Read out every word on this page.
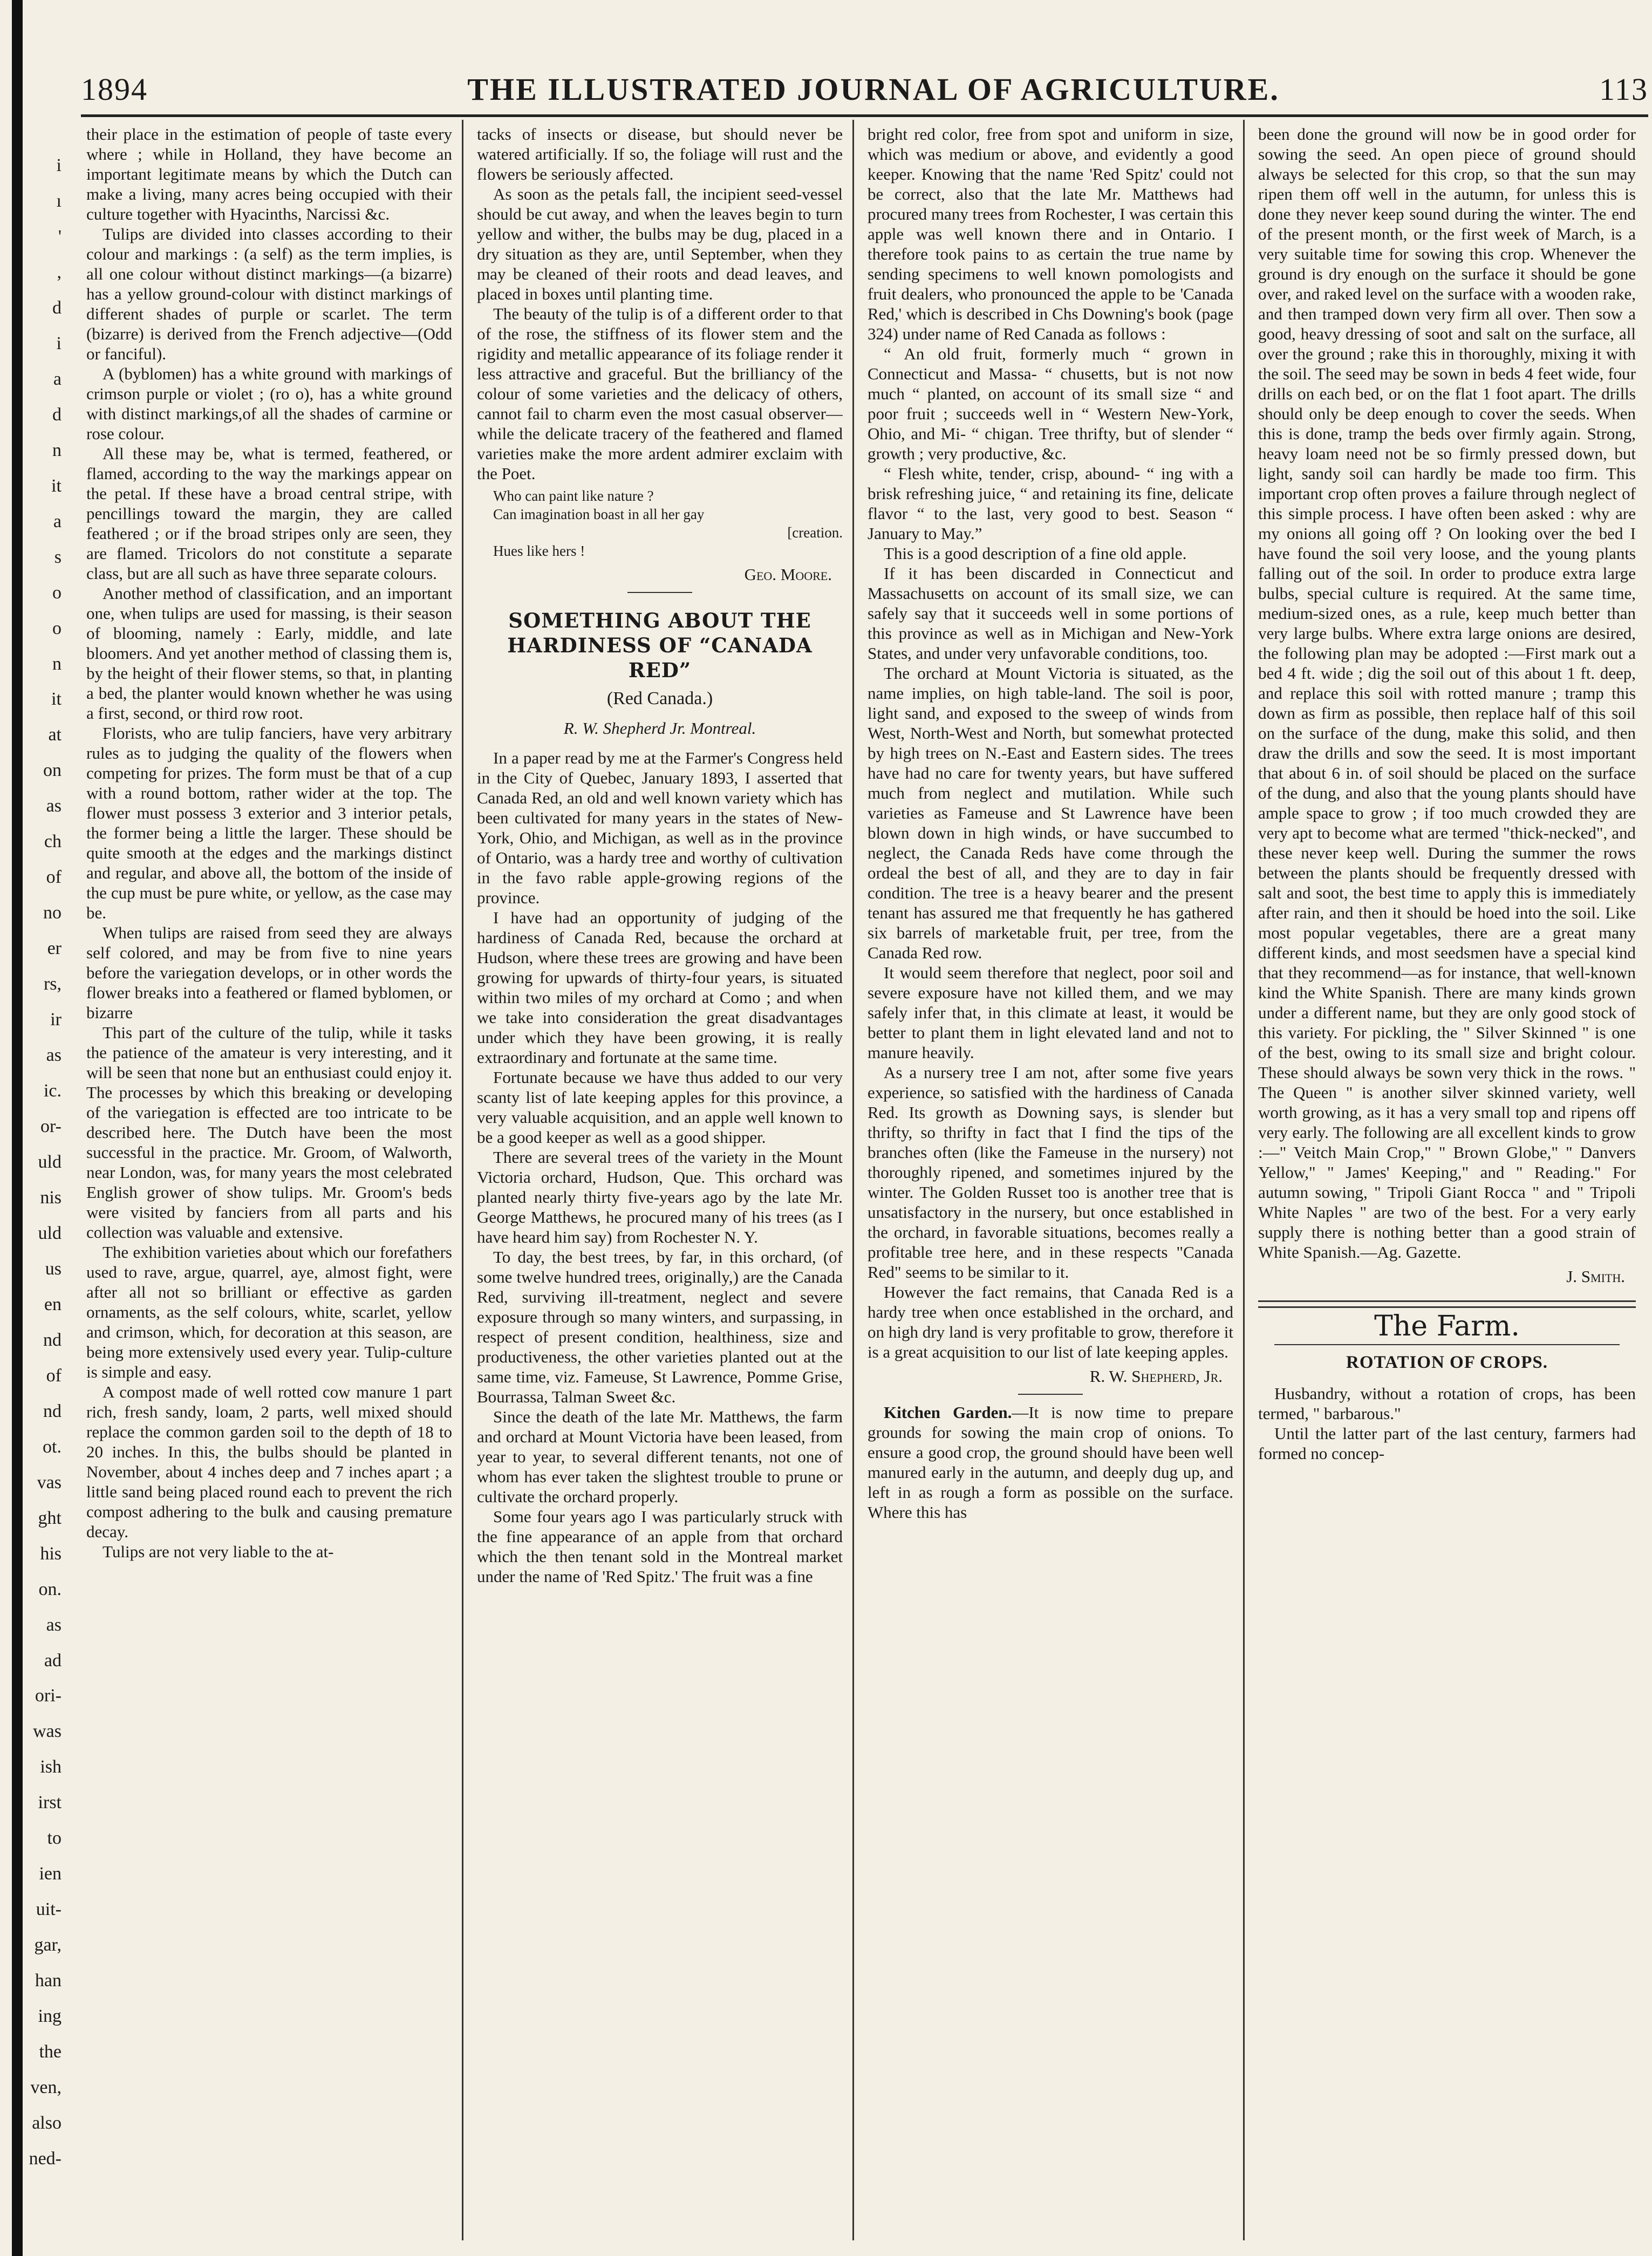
i
ı
'
,
d
i
a
d
n
it
a
s
o
o
n
it
at
on
as
ch
of
no
er
rs,
ir
as
ic.
or-
uld
nis
uld
us
en
nd
of
nd
ot.
vas
ght
his
on.
as
ad
ori-
was
ish
irst
to
ien
uit-
gar,
han
ing
the
ven,
also
ned-
1894	THE ILLUSTRATED JOURNAL OF AGRICULTURE.	113

their place in the estimation of people of taste every where ; while in Holland, they have become an important legitimate means by which the Dutch can make a living, many acres being occupied with their culture together with Hyacinths, Narcissi &c.

Tulips are divided into classes according to their colour and markings : (a self) as the term implies, is all one colour without distinct markings—(a bizarre) has a yellow ground-colour with distinct markings of different shades of purple or scarlet. The term (bizarre) is derived from the French adjective—(Odd or fanciful).

A (byblomen) has a white ground with markings of crimson purple or violet ; (ro o), has a white ground with distinct markings,of all the shades of carmine or rose colour.

All these may be, what is termed, feathered, or flamed, according to the way the markings appear on the petal. If these have a broad central stripe, with pencillings toward the margin, they are called feathered ; or if the broad stripes only are seen, they are flamed. Tricolors do not constitute a separate class, but are all such as have three separate colours.

Another method of classification, and an important one, when tulips are used for massing, is their season of blooming, namely : Early, middle, and late bloomers. And yet another method of classing them is, by the height of their flower stems, so that, in planting a bed, the planter would known whether he was using a first, second, or third row root.

Florists, who are tulip fanciers, have very arbitrary rules as to judging the quality of the flowers when competing for prizes. The form must be that of a cup with a round bottom, rather wider at the top. The flower must possess 3 exterior and 3 interior petals, the former being a little the larger. These should be quite smooth at the edges and the markings distinct and regular, and above all, the bottom of the inside of the cup must be pure white, or yellow, as the case may be.

When tulips are raised from seed they are always self colored, and may be from five to nine years before the variegation develops, or in other words the flower breaks into a feathered or flamed byblomen, or bizarre

This part of the culture of the tulip, while it tasks the patience of the amateur is very interesting, and it will be seen that none but an enthusiast could enjoy it. The processes by which this breaking or developing of the variegation is effected are too intricate to be described here. The Dutch have been the most successful in the practice. Mr. Groom, of Walworth, near London, was, for many years the most celebrated English grower of show tulips. Mr. Groom's beds were visited by fanciers from all parts and his collection was valuable and extensive.

The exhibition varieties about which our forefathers used to rave, argue, quarrel, aye, almost fight, were after all not so brilliant or effective as garden ornaments, as the self colours, white, scarlet, yellow and crimson, which, for decoration at this season, are being more extensively used every year. Tulip-culture is simple and easy.

A compost made of well rotted cow manure 1 part rich, fresh sandy, loam, 2 parts, well mixed should replace the common garden soil to the depth of 18 to 20 inches. In this, the bulbs should be planted in November, about 4 inches deep and 7 inches apart ; a little sand being placed round each to prevent the rich compost adhering to the bulk and causing premature decay.

Tulips are not very liable to the at-

tacks of insects or disease, but should never be watered artificially. If so, the foliage will rust and the flowers be seriously affected.

As soon as the petals fall, the incipient seed-vessel should be cut away, and when the leaves begin to turn yellow and wither, the bulbs may be dug, placed in a dry situation as they are, until September, when they may be cleaned of their roots and dead leaves, and placed in boxes until planting time.

The beauty of the tulip is of a different order to that of the rose, the stiffness of its flower stem and the rigidity and metallic appearance of its foliage render it less attractive and graceful. But the brilliancy of the colour of some varieties and the delicacy of others, cannot fail to charm even the most casual observer—while the delicate tracery of the feathered and flamed varieties make the more ardent admirer exclaim with the Poet.

Who can paint like nature ?
Can imagination boast in all her gay
[creation.
Hues like hers !
Geo. Moore.
SOMETHING ABOUT THE HARDINESS OF “CANADA RED”
(Red Canada.)
R. W. Shepherd Jr. Montreal.

In a paper read by me at the Farmer's Congress held in the City of Quebec, January 1893, I asserted that Canada Red, an old and well known variety which has been cultivated for many years in the states of New-York, Ohio, and Michigan, as well as in the province of Ontario, was a hardy tree and worthy of cultivation in the favo rable apple-growing regions of the province.

I have had an opportunity of judging of the hardiness of Canada Red, because the orchard at Hudson, where these trees are growing and have been growing for upwards of thirty-four years, is situated within two miles of my orchard at Como ; and when we take into consideration the great disadvantages under which they have been growing, it is really extraordinary and fortunate at the same time.

Fortunate because we have thus added to our very scanty list of late keeping apples for this province, a very valuable acquisition, and an apple well known to be a good keeper as well as a good shipper.

There are several trees of the variety in the Mount Victoria orchard, Hudson, Que. This orchard was planted nearly thirty five-years ago by the late Mr. George Matthews, he procured many of his trees (as I have heard him say) from Rochester N. Y.

To day, the best trees, by far, in this orchard, (of some twelve hundred trees, originally,) are the Canada Red, surviving ill-treatment, neglect and severe exposure through so many winters, and surpassing, in respect of present condition, healthiness, size and productiveness, the other varieties planted out at the same time, viz. Fameuse, St Lawrence, Pomme Grise, Bourrassa, Talman Sweet &c.

Since the death of the late Mr. Matthews, the farm and orchard at Mount Victoria have been leased, from year to year, to several different tenants, not one of whom has ever taken the slightest trouble to prune or cultivate the orchard properly.

Some four years ago I was particularly struck with the fine appearance of an apple from that orchard which the then tenant sold in the Montreal market under the name of 'Red Spitz.' The fruit was a fine

bright red color, free from spot and uniform in size, which was medium or above, and evidently a good keeper. Knowing that the name 'Red Spitz' could not be correct, also that the late Mr. Matthews had procured many trees from Rochester, I was certain this apple was well known there and in Ontario. I therefore took pains to as certain the true name by sending specimens to well known pomologists and fruit dealers, who pronounced the apple to be 'Canada Red,' which is described in Chs Downing's book (page 324) under name of Red Canada as follows :

“ An old fruit, formerly much “ grown in Connecticut and Massa- “ chusetts, but is not now much “ planted, on account of its small size “ and poor fruit ; succeeds well in “ Western New-York, Ohio, and Mi- “ chigan. Tree thrifty, but of slender “ growth ; very productive, &c.

“ Flesh white, tender, crisp, abound- “ ing with a brisk refreshing juice, “ and retaining its fine, delicate flavor “ to the last, very good to best. Season “ January to May.”

This is a good description of a fine old apple.

If it has been discarded in Connecticut and Massachusetts on account of its small size, we can safely say that it succeeds well in some portions of this province as well as in Michigan and New-York States, and under very unfavorable conditions, too.

The orchard at Mount Victoria is situated, as the name implies, on high table-land. The soil is poor, light sand, and exposed to the sweep of winds from West, North-West and North, but somewhat protected by high trees on N.-East and Eastern sides. The trees have had no care for twenty years, but have suffered much from neglect and mutilation. While such varieties as Fameuse and St Lawrence have been blown down in high winds, or have succumbed to neglect, the Canada Reds have come through the ordeal the best of all, and they are to day in fair condition. The tree is a heavy bearer and the present tenant has assured me that frequently he has gathered six barrels of marketable fruit, per tree, from the Canada Red row.

It would seem therefore that neglect, poor soil and severe exposure have not killed them, and we may safely infer that, in this climate at least, it would be better to plant them in light elevated land and not to manure heavily.

As a nursery tree I am not, after some five years experience, so satisfied with the hardiness of Canada Red. Its growth as Downing says, is slender but thrifty, so thrifty in fact that I find the tips of the branches often (like the Fameuse in the nursery) not thoroughly ripened, and sometimes injured by the winter. The Golden Russet too is another tree that is unsatisfactory in the nursery, but once established in the orchard, in favorable situations, becomes really a profitable tree here, and in these respects "Canada Red" seems to be similar to it.

However the fact remains, that Canada Red is a hardy tree when once established in the orchard, and on high dry land is very profitable to grow, therefore it is a great acquisition to our list of late keeping apples.

R. W. Shepherd, Jr.

Kitchen Garden.—It is now time to prepare grounds for sowing the main crop of onions. To ensure a good crop, the ground should have been well manured early in the autumn, and deeply dug up, and left in as rough a form as possible on the surface. Where this has

been done the ground will now be in good order for sowing the seed. An open piece of ground should always be selected for this crop, so that the sun may ripen them off well in the autumn, for unless this is done they never keep sound during the winter. The end of the present month, or the first week of March, is a very suitable time for sowing this crop. Whenever the ground is dry enough on the surface it should be gone over, and raked level on the surface with a wooden rake, and then tramped down very firm all over. Then sow a good, heavy dressing of soot and salt on the surface, all over the ground ; rake this in thoroughly, mixing it with the soil. The seed may be sown in beds 4 feet wide, four drills on each bed, or on the flat 1 foot apart. The drills should only be deep enough to cover the seeds. When this is done, tramp the beds over firmly again. Strong, heavy loam need not be so firmly pressed down, but light, sandy soil can hardly be made too firm. This important crop often proves a failure through neglect of this simple process. I have often been asked : why are my onions all going off ? On looking over the bed I have found the soil very loose, and the young plants falling out of the soil. In order to produce extra large bulbs, special culture is required. At the same time, medium-sized ones, as a rule, keep much better than very large bulbs. Where extra large onions are desired, the following plan may be adopted :—First mark out a bed 4 ft. wide ; dig the soil out of this about 1 ft. deep, and replace this soil with rotted manure ; tramp this down as firm as possible, then replace half of this soil on the surface of the dung, make this solid, and then draw the drills and sow the seed. It is most important that about 6 in. of soil should be placed on the surface of the dung, and also that the young plants should have ample space to grow ; if too much crowded they are very apt to become what are termed "thick-necked", and these never keep well. During the summer the rows between the plants should be frequently dressed with salt and soot, the best time to apply this is immediately after rain, and then it should be hoed into the soil. Like most popular vegetables, there are a great many different kinds, and most seedsmen have a special kind that they recommend—as for instance, that well-known kind the White Spanish. There are many kinds grown under a different name, but they are only good stock of this variety. For pickling, the " Silver Skinned " is one of the best, owing to its small size and bright colour. These should always be sown very thick in the rows. " The Queen " is another silver skinned variety, well worth growing, as it has a very small top and ripens off very early. The following are all excellent kinds to grow :—" Veitch Main Crop," " Brown Globe," " Danvers Yellow," " James' Keeping," and " Reading." For autumn sowing, " Tripoli Giant Rocca " and " Tripoli White Naples " are two of the best. For a very early supply there is nothing better than a good strain of White Spanish.—Ag. Gazette.

J. Smith.
The Farm.
ROTATION OF CROPS.

Husbandry, without a rotation of crops, has been termed, " barbarous."

Until the latter part of the last century, farmers had formed no concep-
